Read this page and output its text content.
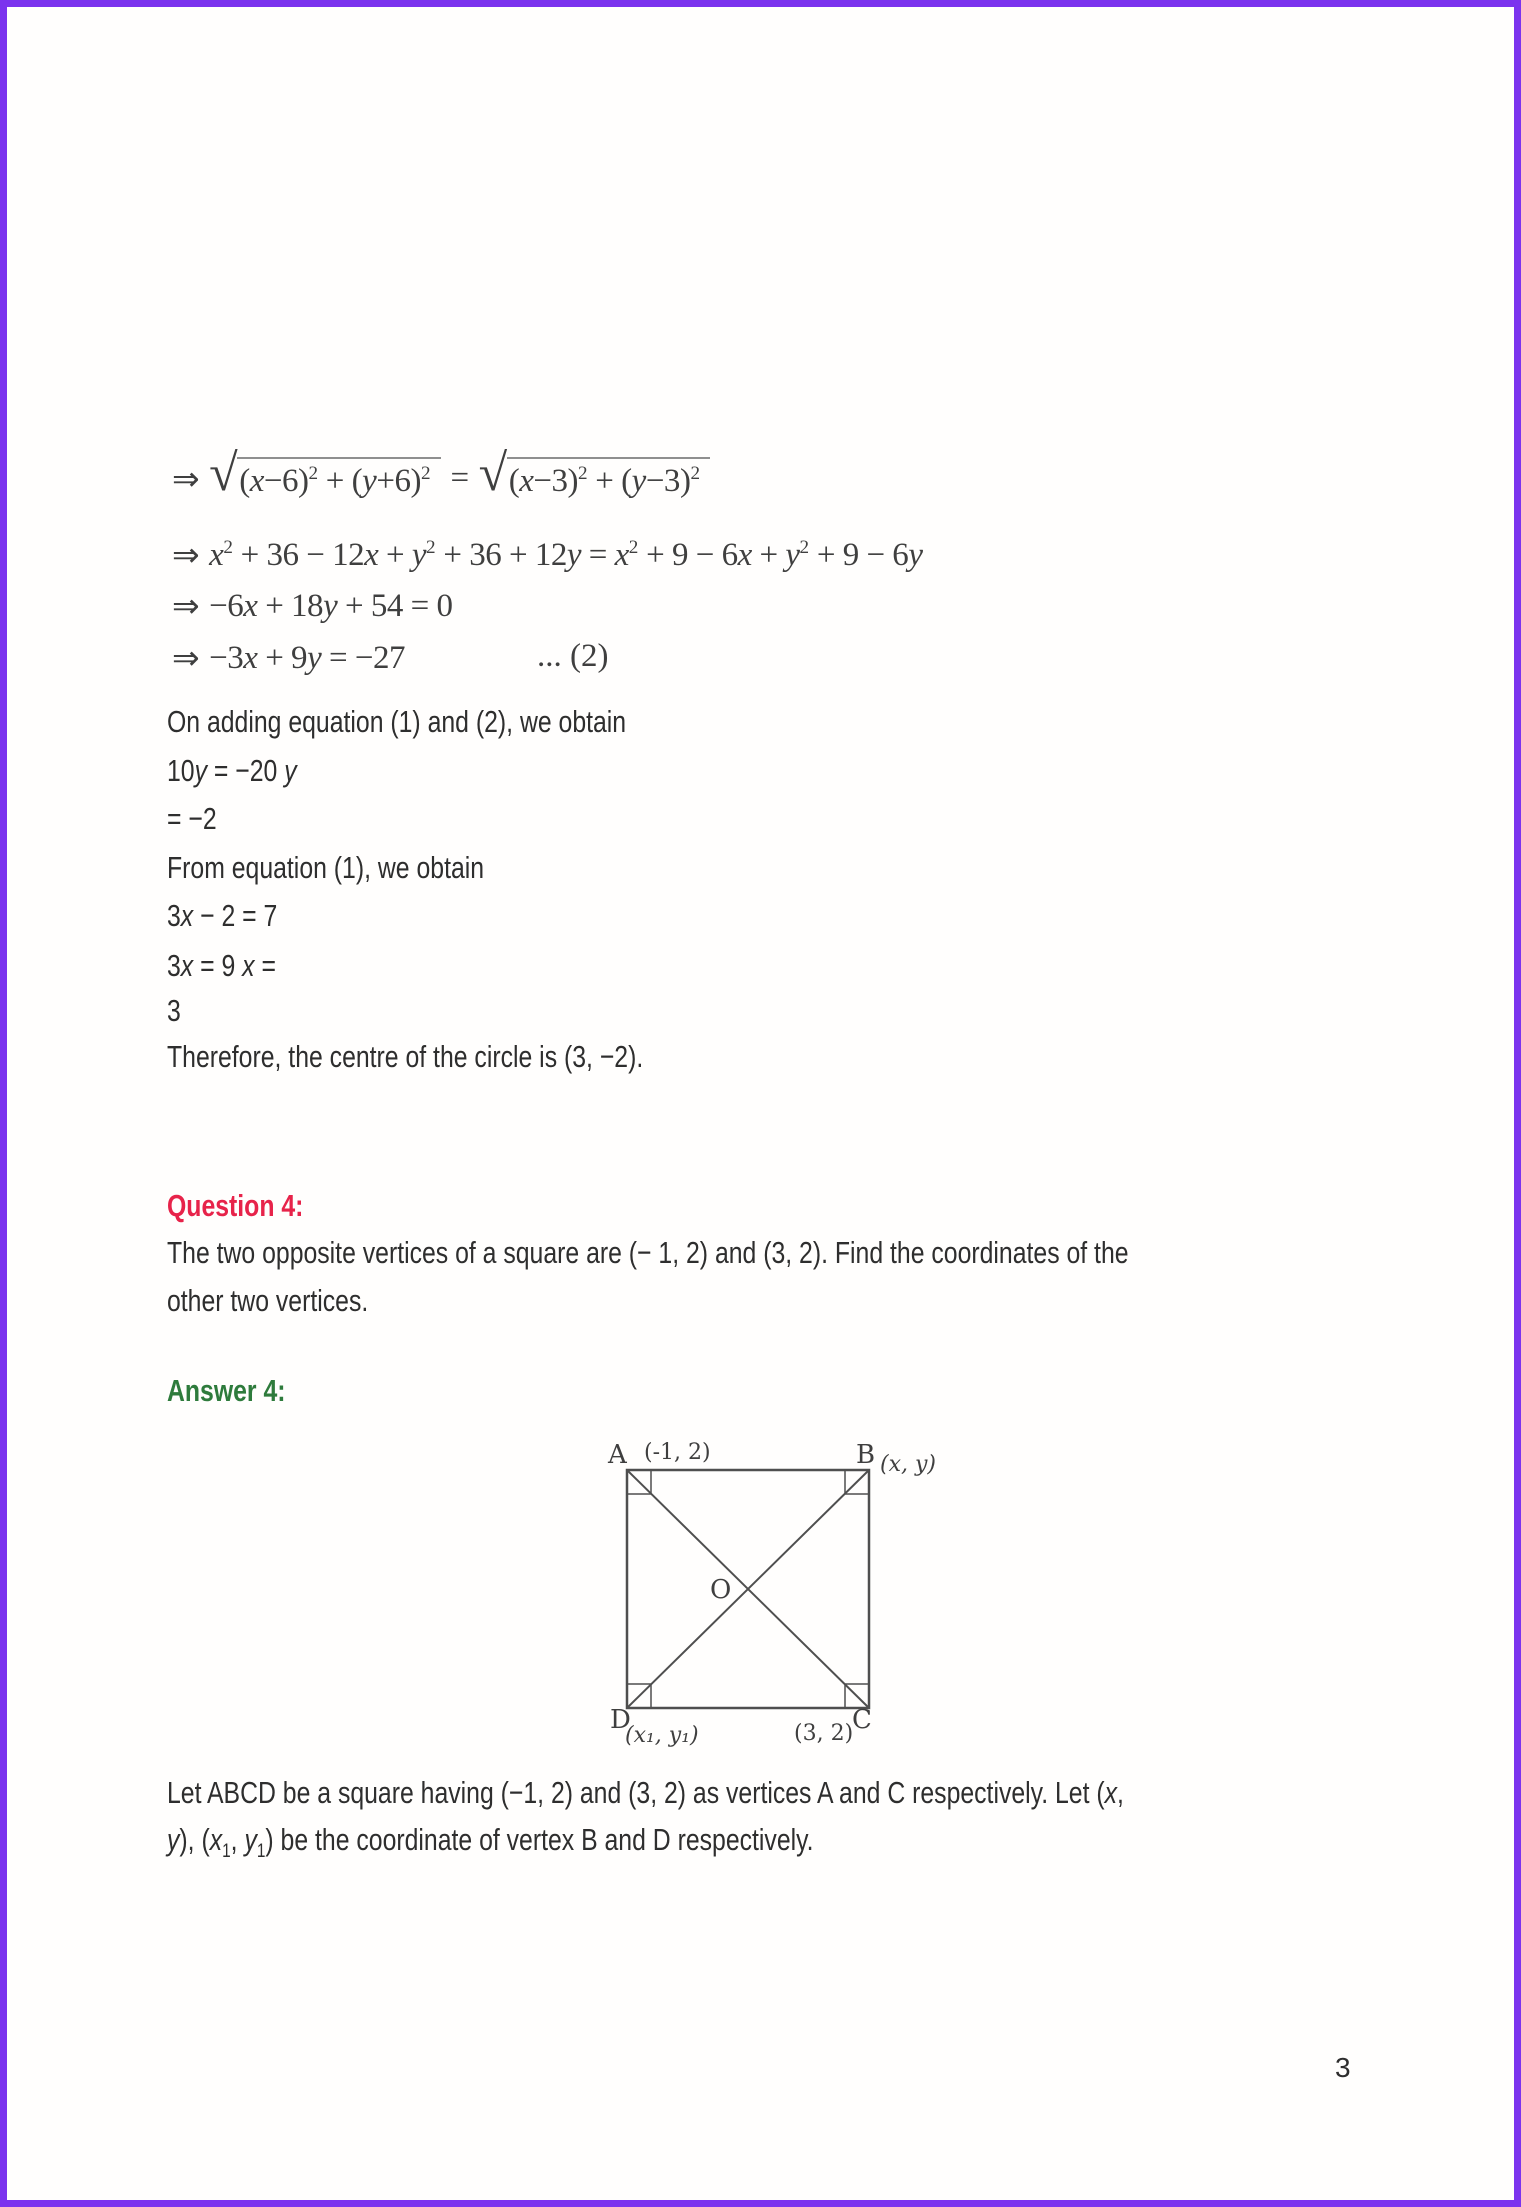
⇒ √ $(x-6)^2 + (y+6)^2$ = √ $(x-3)^2 + (y-3)^2$
⇒ $x^2 + 36 - 12x + y^2 + 36 + 12y = x^2 + 9 - 6x + y^2 + 9 - 6y$
⇒ −6x + 18y + 54 = 0
⇒ −3x + 9y = −27	... (2)
On adding equation (1) and (2), we obtain
10y = −20 y
= −2
From equation (1), we obtain
3x − 2 = 7
3x = 9 x =
3
Therefore, the centre of the circle is (3, −2).
Question 4:
The two opposite vertices of a square are (− 1, 2) and (3, 2). Find the coordinates of the
other two vertices.
Answer 4:
A (-1, 2)	B (x, y)
O
D
(x₁, y₁)
C
(3, 2)
Let ABCD be a square having (−1, 2) and (3, 2) as vertices A and C respectively. Let (x,
y), ($x_1$, $y_1$) be the coordinate of vertex B and D respectively.
3
